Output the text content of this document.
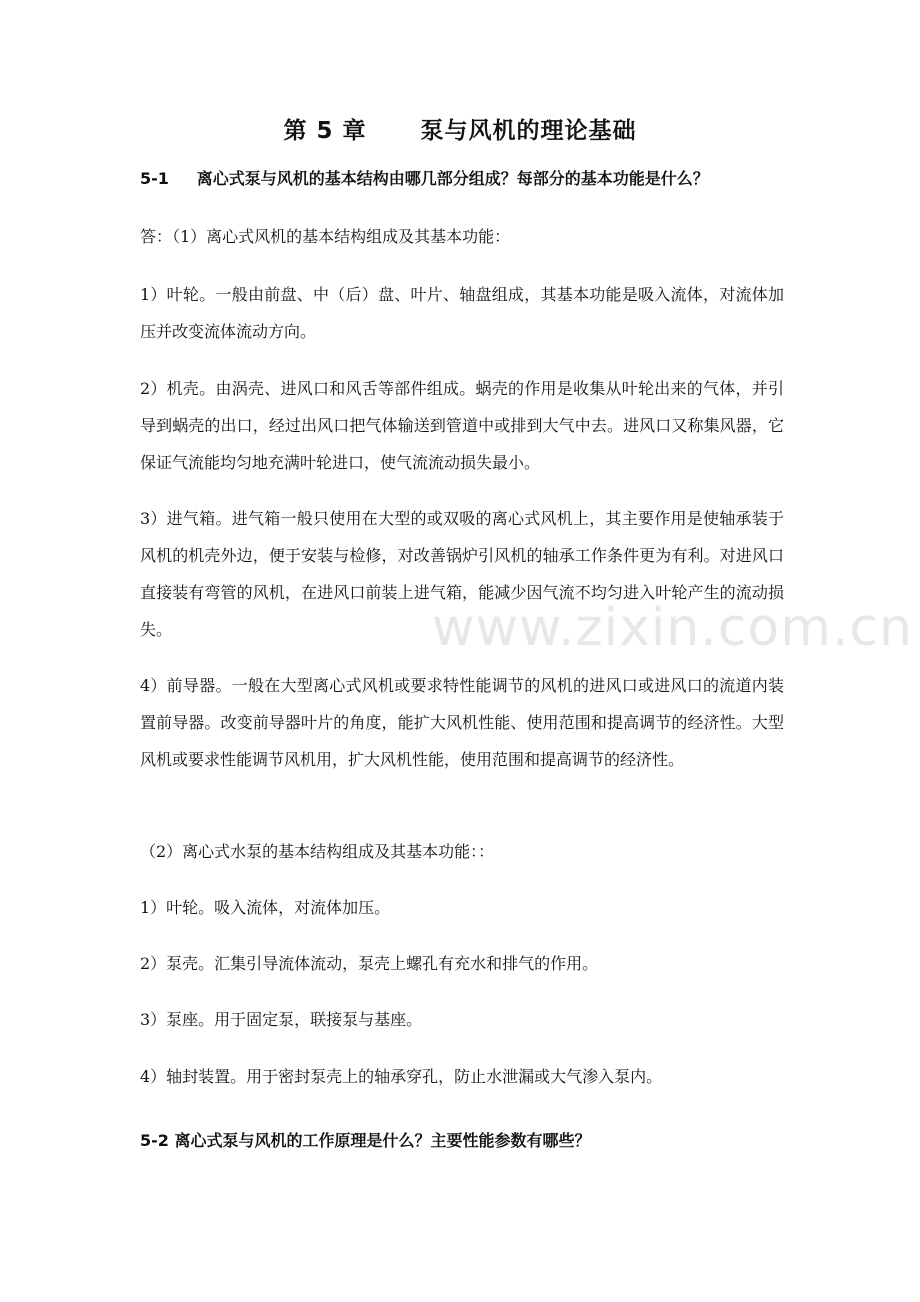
第 5 章      泵与风机的理论基础

5-1     离心式泵与风机的基本结构由哪几部分组成？每部分的基本功能是什么？

答：（1）离心式风机的基本结构组成及其基本功能：

1）叶轮。一般由前盘、中（后）盘、叶片、轴盘组成，其基本功能是吸入流体，对流体加压并改变流体流动方向。

2）机壳。由涡壳、进风口和风舌等部件组成。蜗壳的作用是收集从叶轮出来的气体，并引导到蜗壳的出口，经过出风口把气体输送到管道中或排到大气中去。进风口又称集风器，它保证气流能均匀地充满叶轮进口，使气流流动损失最小。

3）进气箱。进气箱一般只使用在大型的或双吸的离心式风机上，其主要作用是使轴承装于风机的机壳外边，便于安装与检修，对改善锅炉引风机的轴承工作条件更为有利。对进风口直接装有弯管的风机，在进风口前装上进气箱，能减少因气流不均匀进入叶轮产生的流动损失。

4）前导器。一般在大型离心式风机或要求特性能调节的风机的进风口或进风口的流道内装置前导器。改变前导器叶片的角度，能扩大风机性能、使用范围和提高调节的经济性。大型风机或要求性能调节风机用，扩大风机性能，使用范围和提高调节的经济性。

（2）离心式水泵的基本结构组成及其基本功能：：

1）叶轮。吸入流体，对流体加压。

2）泵壳。汇集引导流体流动，泵壳上螺孔有充水和排气的作用。

3）泵座。用于固定泵，联接泵与基座。

4）轴封装置。用于密封泵壳上的轴承穿孔，防止水泄漏或大气渗入泵内。

5-2 离心式泵与风机的工作原理是什么？主要性能参数有哪些？

www.zixin.com.cn
